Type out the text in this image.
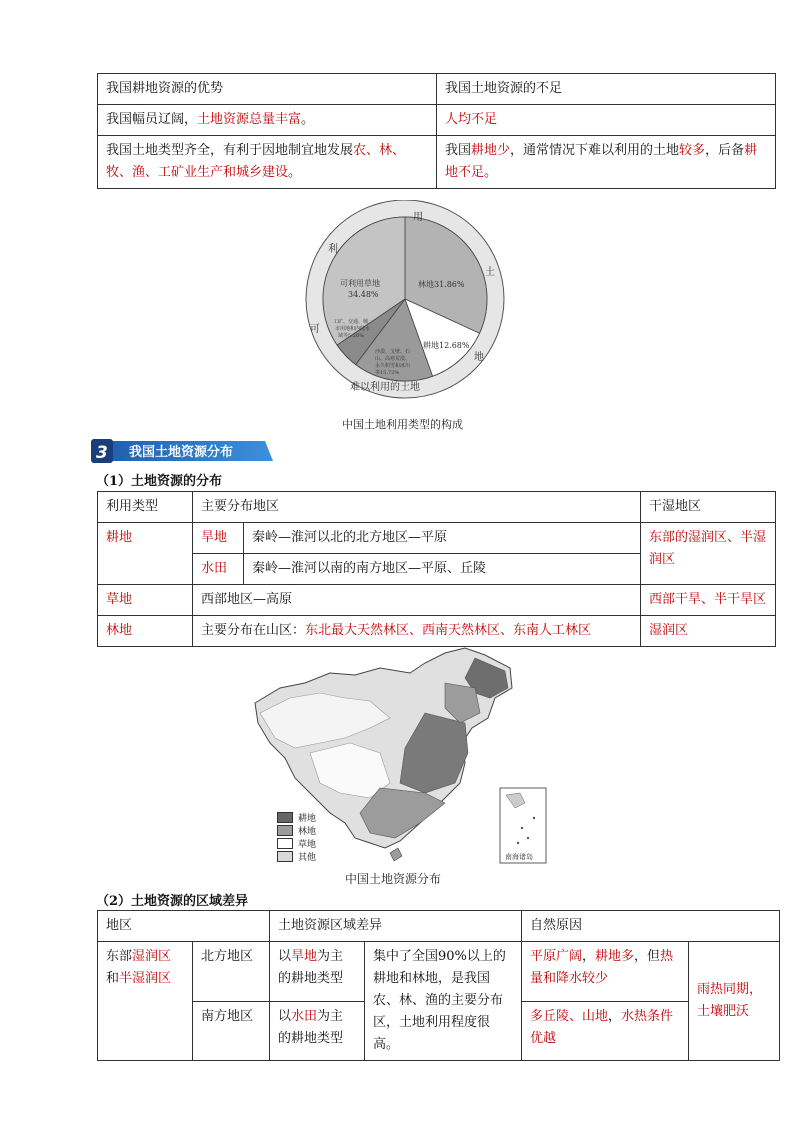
我国耕地资源的优势	我国土地资源的不足
我国幅员辽阔，土地资源总量丰富。	人均不足
我国土地类型齐全，有利于因地制宜地发展农、林、牧、渔、工矿业生产和城乡建设。	我国耕地少，通常情况下难以利用的土地较多，后备耕地不足。
用
土
利
可
地
难以利用的土地
可利用草地
34.48%
林地31.86%
耕地12.68%
工矿、交通、城
市用地和内陆水
域等5.26%
沙漠、戈壁、石
山、高寒荒漠、
永久积雪和冰川
等15.72%
中国土地利用类型的构成
3 我国土地资源分布
（1）土地资源的分布
利用类型	主要分布地区		干湿地区
耕地	旱地	秦岭—淮河以北的北方地区—平原	东部的湿润区、半湿润区
	水田	秦岭—淮河以南的南方地区—平原、丘陵	
草地	西部地区—高原		西部干旱、半干旱区
林地	主要分布在山区：东北最大天然林区、西南天然林区、东南人工林区		湿润区
南海诸岛
耕地
林地
草地
其他
中国土地资源分布
（2）土地资源的区域差异
地区		土地资源区域差异		自然原因	
东部湿润区和半湿润区	北方地区	以旱地为主的耕地类型	集中了全国90%以上的耕地和林地，是我国农、林、渔的主要分布区，土地利用程度很高。	平原广阔，耕地多，但热量和降水较少	雨热同期，土壤肥沃
	南方地区	以水田为主的耕地类型		多丘陵、山地，水热条件优越	
